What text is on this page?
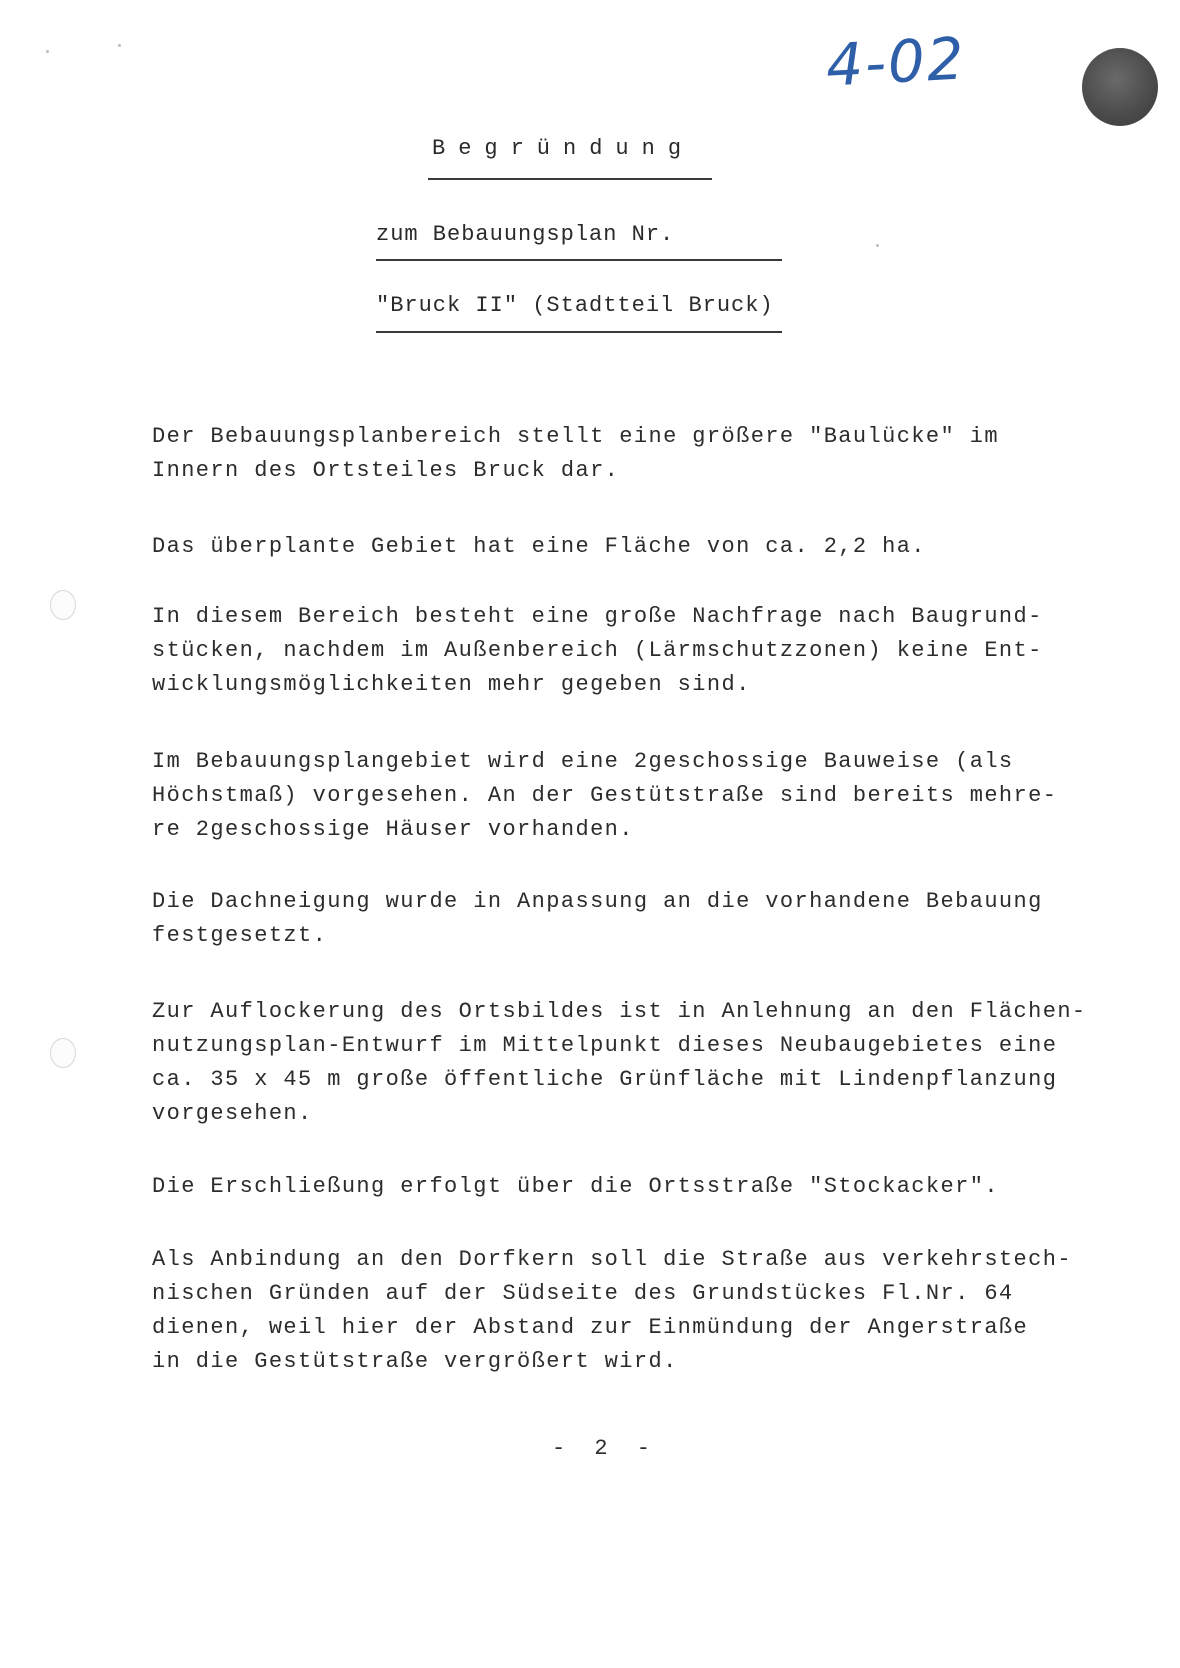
4-02
Begründung
zum Bebauungsplan Nr.
"Bruck II" (Stadtteil Bruck)
Der Bebauungsplanbereich stellt eine größere "Baulücke" im
Innern des Ortsteiles Bruck dar.
Das überplante Gebiet hat eine Fläche von ca. 2,2 ha.
In diesem Bereich besteht eine große Nachfrage nach Baugrund-
stücken, nachdem im Außenbereich (Lärmschutzzonen) keine Ent-
wicklungsmöglichkeiten mehr gegeben sind.
Im Bebauungsplangebiet wird eine 2geschossige Bauweise (als
Höchstmaß) vorgesehen. An der Gestütstraße sind bereits mehre-
re 2geschossige Häuser vorhanden.
Die Dachneigung wurde in Anpassung an die vorhandene Bebauung
festgesetzt.
Zur Auflockerung des Ortsbildes ist in Anlehnung an den Flächen-
nutzungsplan-Entwurf im Mittelpunkt dieses Neubaugebietes eine
ca. 35 x 45 m große öffentliche Grünfläche mit Lindenpflanzung
vorgesehen.
Die Erschließung erfolgt über die Ortsstraße "Stockacker".
Als Anbindung an den Dorfkern soll die Straße aus verkehrstech-
nischen Gründen auf der Südseite des Grundstückes Fl.Nr. 64
dienen, weil hier der Abstand zur Einmündung der Angerstraße
in die Gestütstraße vergrößert wird.
- 2 -
